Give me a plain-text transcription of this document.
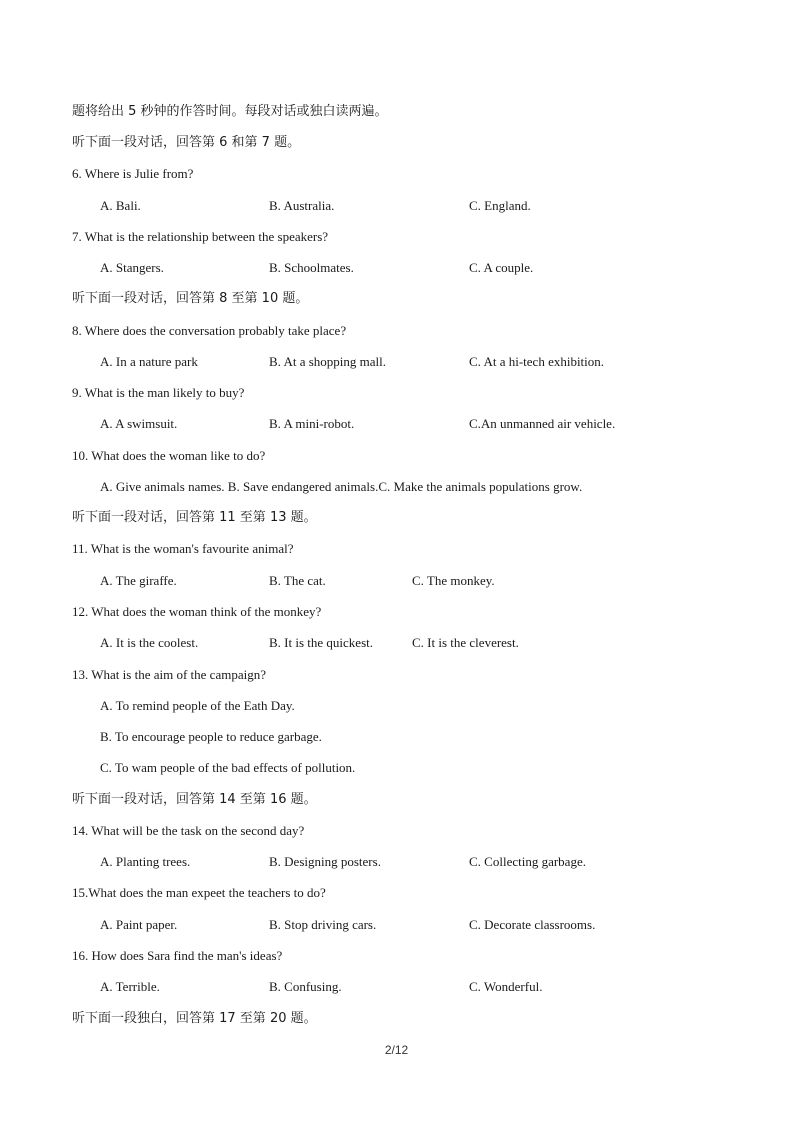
题将给出 5 秒钟的作答时间。每段对话或独白读两遍。
听下面一段对话，回答第 6 和第 7 题。
6. Where is Julie from?
A. Bali.	B. Australia.	C. England.
7. What is the relationship between the speakers?
A. Stangers.	B. Schoolmates.	C. A couple.
听下面一段对话，回答第 8 至第 10 题。
8. Where does the conversation probably take place?
A. In a nature park	B. At a shopping mall.	C. At a hi-tech exhibition.
9. What is the man likely to buy?
A. A swimsuit.	B. A mini-robot.	C.An unmanned air vehicle.
10. What does the woman like to do?
A. Give animals names. B. Save endangered animals.C. Make the animals populations grow.
听下面一段对话，回答第 11 至第 13 题。
11. What is the woman's favourite animal?
A. The giraffe.	B. The cat.	C. The monkey.
12. What does the woman think of the monkey?
A. It is the coolest.	B. It is the quickest.	C. It is the cleverest.
13. What is the aim of the campaign?
A. To remind people of the Eath Day.
B. To encourage people to reduce garbage.
C. To wam people of the bad effects of pollution.
听下面一段对话，回答第 14 至第 16 题。
14. What will be the task on the second day?
A. Planting trees.	B. Designing posters.	C. Collecting garbage.
15.What does the man expeet the teachers to do?
A. Paint paper.	B. Stop driving cars.	C. Decorate classrooms.
16. How does Sara find the man's ideas?
A. Terrible.	B. Confusing.	C. Wonderful.
听下面一段独白，回答第 17 至第 20 题。
2/12
